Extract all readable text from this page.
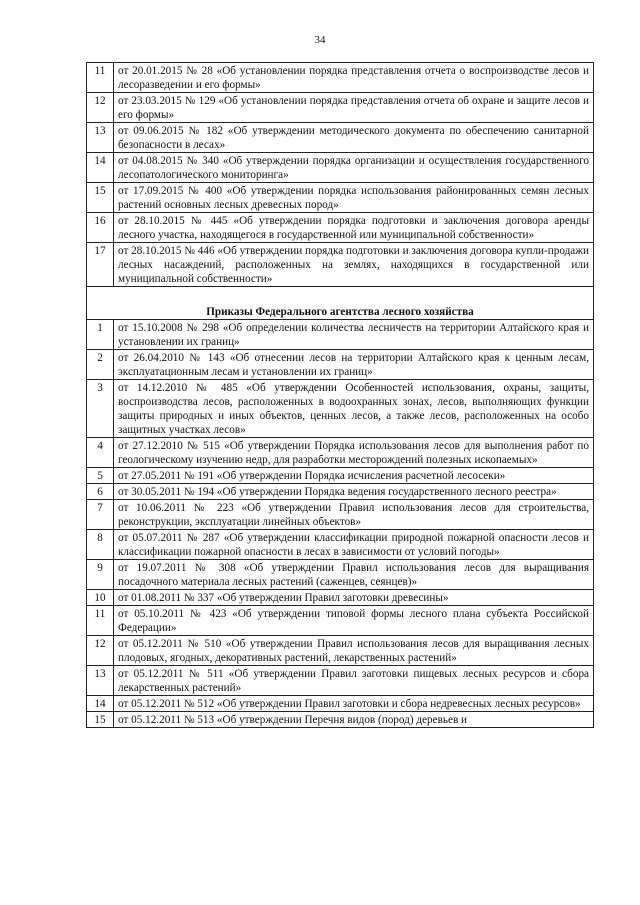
34
11	от 20.01.2015 № 28 «Об установлении порядка представления отчета о воспроизводстве лесов и лесоразведении и его формы»
12	от 23.03.2015 № 129 «Об установлении порядка представления отчета об охране и защите лесов и его формы»
13	от 09.06.2015 № 182 «Об утверждении методического документа по обеспечению санитарной безопасности в лесах»
14	от 04.08.2015 № 340 «Об утверждении порядка организации и осуществления государственного лесопатологического мониторинга»
15	от 17.09.2015 № 400 «Об утверждении порядка использования районированных семян лесных растений основных лесных древесных пород»
16	от 28.10.2015 № 445 «Об утверждении порядка подготовки и заключения договора аренды лесного участка, находящегося в государственной или муниципальной собственности»
17	от 28.10.2015 № 446 «Об утверждении порядка подготовки и заключения договора купли-продажи лесных насаждений, расположенных на землях, находящихся в государственной или муниципальной собственности»
Приказы Федерального агентства лесного хозяйства	
1	от 15.10.2008 № 298 «Об определении количества лесничеств на территории Алтайского края и установлении их границ»
2	от 26.04.2010 № 143 «Об отнесении лесов на территории Алтайского края к ценным лесам, эксплуатационным лесам и установлении их границ»
3	от 14.12.2010 № 485 «Об утверждении Особенностей использования, охраны, защиты, воспроизводства лесов, расположенных в водоохранных зонах, лесов, выполняющих функции защиты природных и иных объектов, ценных лесов, а также лесов, расположенных на особо защитных участках лесов»
4	от 27.12.2010 № 515 «Об утверждении Порядка использования лесов для выполнения работ по геологическому изучению недр, для разработки месторождений полезных ископаемых»
5	от 27.05.2011 № 191 «Об утверждении Порядка исчисления расчетной лесосеки»
6	от 30.05.2011 № 194 «Об утверждении Порядка ведения государственного лесного реестра»
7	от 10.06.2011 № 223 «Об утверждении Правил использования лесов для строительства, реконструкции, эксплуатации линейных объектов»
8	от 05.07.2011 № 287 «Об утверждении классификации природной пожарной опасности лесов и классификации пожарной опасности в лесах в зависимости от условий погоды»
9	от 19.07.2011 № 308 «Об утверждении Правил использования лесов для выращивания посадочного материала лесных растений (саженцев, сеянцев)»
10	от 01.08.2011 № 337 «Об утверждении Правил заготовки древесины»
11	от 05.10.2011 № 423 «Об утверждении типовой формы лесного плана субъекта Российской Федерации»
12	от 05.12.2011 № 510 «Об утверждении Правил использования лесов для выращивания лесных плодовых, ягодных, декоративных растений, лекарственных растений»
13	от 05.12.2011 № 511 «Об утверждении Правил заготовки пищевых лесных ресурсов и сбора лекарственных растений»
14	от 05.12.2011 № 512 «Об утверждении Правил заготовки и сбора недревесных лесных ресурсов»
15	от 05.12.2011 № 513 «Об утверждении Перечня видов (пород) деревьев и
